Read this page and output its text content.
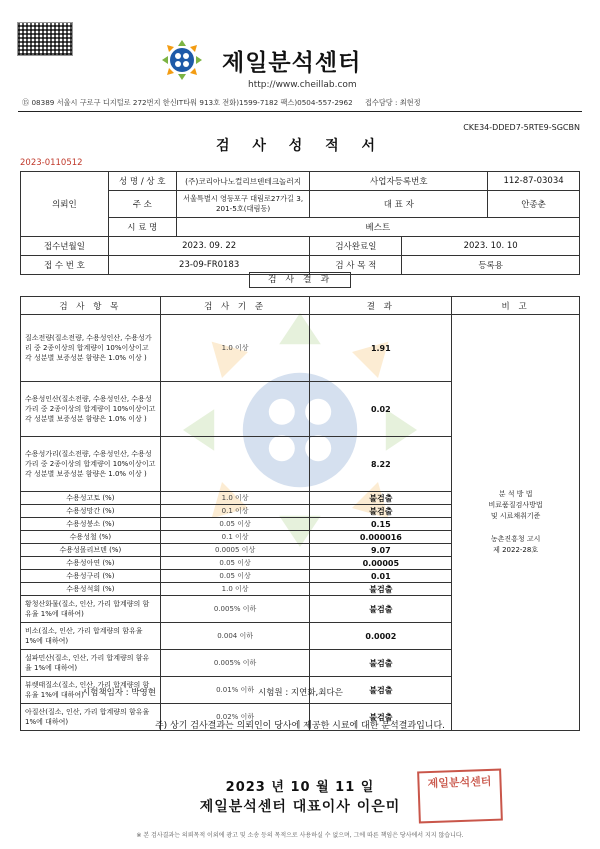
제일분석센터
http://www.cheillab.com
⑮ 08389 서울시 구로구 디지털로 272번지 한신IT타워 913호 전화)1599-7182 팩스)0504-557-2962 접수담당 : 최현정
CKE34-DDED7-5RTE9-SGCBN
검 사 성 적 서
2023-0110512
의뢰인	성 명 / 상 호	(주)코리아나노컬리브덴테크놀러지	사업자등록번호		112-87-03034
	주 소	서울특별시 영등포구 대림로27가길 3, 201-5호(대림동)	대 표 자		안종춘
	시 료 명	베스트			
접수년월일	2023. 09. 22		검사완료일	2023. 10. 10	
접 수 번 호	23-09-FR0183		검 사 목 적	등록용	
검 사 결 과
검 사 항 목	검 사 기 준	결 과	비 고
질소전량(질소전량, 수용성인산, 수용성가리 중 2종이상의 합계량이 10%이상이고 각 성분별 보증성분 함량은 1.0% 이상 )	1.0 이상	1.91	분 석 방 법
비료품질검사방법
및 시료채취기준

농촌진흥청 고시
제 2022-28호

수용성인산(질소전량, 수용성인산, 수용성가리 중 2종이상의 합계량이 10%이상이고 각 성분별 보증성분 함량은 1.0% 이상 )		0.02	
수용성가리(질소전량, 수용성인산, 수용성가리 중 2종이상의 합계량이 10%이상이고 각 성분별 보증성분 함량은 1.0% 이상 )		8.22	
수용성고토 (%)	1.0 이상	불검출	
수용성망간 (%)	0.1 이상	불검출	
수용성붕소 (%)	0.05 이상	0.15	
수용성철 (%)	0.1 이상	0.000016	
수용성몰리브덴 (%)	0.0005 이상	9.07	
수용성아연 (%)	0.05 이상	0.00005	
수용성구리 (%)	0.05 이상	0.01	
수용성석회 (%)	1.0 이상	불검출	
황청산화물(질소, 인산, 가리 합계량의 함유율 1%에 대하여)	0.005% 이하	불검출	
비소(질소, 인산, 가리 합계량의 함유율 1%에 대하여)	0.004 이하	0.0002	
설파민산(질소, 인산, 가리 합계량의 함유율 1%에 대하여)	0.005% 이하	불검출	
뷰렛태질소(질소, 인산, 가리 합계량의 함유율 1%에 대하여)	0.01% 이하	불검출	
아질산(질소, 인산, 가리 합계량의 함유율 1%에 대하여)	0.02% 이하	불검출	
시험책임자 : 박영현	시험원 : 지연화,최다은
주) 상기 검사결과는 의뢰인이 당사에 제공한 시료에 대한 분석결과입니다.
2023 년 10 월 11 일
제일분석센터 대표이사 이은미
제일분석센터
※ 본 검사결과는 의뢰목적 이외에 광고 및 소송 등의 목적으로 사용하실 수 없으며, 그에 따른 책임은 당사에서 지지 않습니다.
